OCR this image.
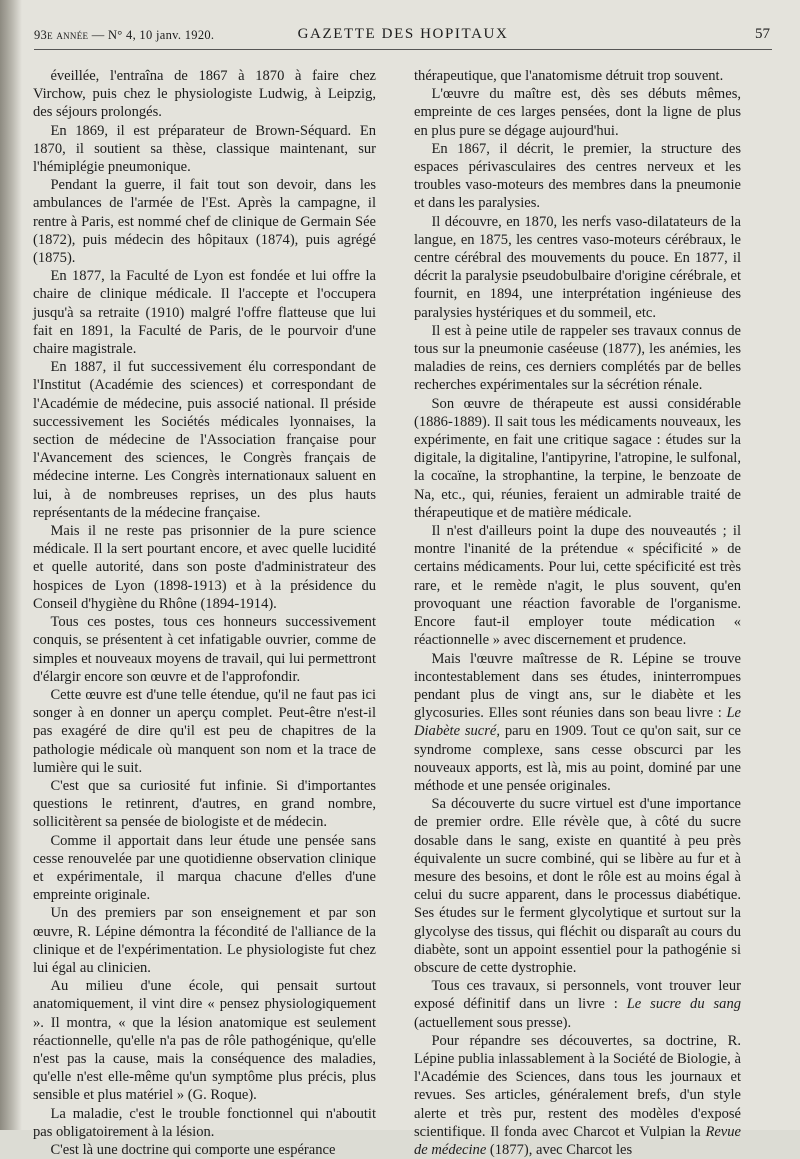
93e année — N° 4, 10 janv. 1920.	GAZETTE DES HOPITAUX	57

éveillée, l'entraîna de 1867 à 1870 à faire chez Virchow, puis chez le physiologiste Ludwig, à Leipzig, des séjours prolongés.

En 1869, il est préparateur de Brown-Séquard. En 1870, il soutient sa thèse, classique maintenant, sur l'hémiplégie pneumonique.

Pendant la guerre, il fait tout son devoir, dans les ambulances de l'armée de l'Est. Après la campagne, il rentre à Paris, est nommé chef de clinique de Germain Sée (1872), puis médecin des hôpitaux (1874), puis agrégé (1875).

En 1877, la Faculté de Lyon est fondée et lui offre la chaire de clinique médicale. Il l'accepte et l'occupera jusqu'à sa retraite (1910) malgré l'offre flatteuse que lui fait en 1891, la Faculté de Paris, de le pourvoir d'une chaire magistrale.

En 1887, il fut successivement élu correspondant de l'Institut (Académie des sciences) et correspondant de l'Académie de médecine, puis associé national. Il préside successivement les Sociétés médicales lyonnaises, la section de médecine de l'Association française pour l'Avancement des sciences, le Congrès français de médecine interne. Les Congrès internationaux saluent en lui, à de nombreuses reprises, un des plus hauts représentants de la médecine française.

Mais il ne reste pas prisonnier de la pure science médicale. Il la sert pourtant encore, et avec quelle lucidité et quelle autorité, dans son poste d'administrateur des hospices de Lyon (1898-1913) et à la présidence du Conseil d'hygiène du Rhône (1894-1914).

Tous ces postes, tous ces honneurs successivement conquis, se présentent à cet infatigable ouvrier, comme de simples et nouveaux moyens de travail, qui lui permettront d'élargir encore son œuvre et de l'approfondir.

Cette œuvre est d'une telle étendue, qu'il ne faut pas ici songer à en donner un aperçu complet. Peut-être n'est-il pas exagéré de dire qu'il est peu de chapitres de la pathologie médicale où manquent son nom et la trace de lumière qui le suit.

C'est que sa curiosité fut infinie. Si d'importantes questions le retinrent, d'autres, en grand nombre, sollicitèrent sa pensée de biologiste et de médecin.

Comme il apportait dans leur étude une pensée sans cesse renouvelée par une quotidienne observation clinique et expérimentale, il marqua chacune d'elles d'une empreinte originale.

Un des premiers par son enseignement et par son œuvre, R. Lépine démontra la fécondité de l'alliance de la clinique et de l'expérimentation. Le physiologiste fut chez lui égal au clinicien.

Au milieu d'une école, qui pensait surtout anatomiquement, il vint dire « pensez physiologiquement ». Il montra, « que la lésion anatomique est seulement réactionnelle, qu'elle n'a pas de rôle pathogénique, qu'elle n'est pas la cause, mais la conséquence des maladies, qu'elle n'est elle-même qu'un symptôme plus précis, plus sensible et plus matériel » (G. Roque).

La maladie, c'est le trouble fonctionnel qui n'aboutit pas obligatoirement à la lésion.

C'est là une doctrine qui comporte une espérance

thérapeutique, que l'anatomisme détruit trop souvent.

L'œuvre du maître est, dès ses débuts mêmes, empreinte de ces larges pensées, dont la ligne de plus en plus pure se dégage aujourd'hui.

En 1867, il décrit, le premier, la structure des espaces périvasculaires des centres nerveux et les troubles vaso-moteurs des membres dans la pneumonie et dans les paralysies.

Il découvre, en 1870, les nerfs vaso-dilatateurs de la langue, en 1875, les centres vaso-moteurs cérébraux, le centre cérébral des mouvements du pouce. En 1877, il décrit la paralysie pseudobulbaire d'origine cérébrale, et fournit, en 1894, une interprétation ingénieuse des paralysies hystériques et du sommeil, etc.

Il est à peine utile de rappeler ses travaux connus de tous sur la pneumonie caséeuse (1877), les anémies, les maladies de reins, ces derniers complétés par de belles recherches expérimentales sur la sécrétion rénale.

Son œuvre de thérapeute est aussi considérable (1886-1889). Il sait tous les médicaments nouveaux, les expérimente, en fait une critique sagace : études sur la digitale, la digitaline, l'antipyrine, l'atropine, le sulfonal, la cocaïne, la strophantine, la terpine, le benzoate de Na, etc., qui, réunies, feraient un admirable traité de thérapeutique et de matière médicale.

Il n'est d'ailleurs point la dupe des nouveautés ; il montre l'inanité de la prétendue « spécificité » de certains médicaments. Pour lui, cette spécificité est très rare, et le remède n'agit, le plus souvent, qu'en provoquant une réaction favorable de l'organisme. Encore faut-il employer toute médication « réactionnelle » avec discernement et prudence.

Mais l'œuvre maîtresse de R. Lépine se trouve incontestablement dans ses études, ininterrompues pendant plus de vingt ans, sur le diabète et les glycosuries. Elles sont réunies dans son beau livre : Le Diabète sucré, paru en 1909. Tout ce qu'on sait, sur ce syndrome complexe, sans cesse obscurci par les nouveaux apports, est là, mis au point, dominé par une méthode et une pensée originales.

Sa découverte du sucre virtuel est d'une importance de premier ordre. Elle révèle que, à côté du sucre dosable dans le sang, existe en quantité à peu près équivalente un sucre combiné, qui se libère au fur et à mesure des besoins, et dont le rôle est au moins égal à celui du sucre apparent, dans le processus diabétique. Ses études sur le ferment glycolytique et surtout sur la glycolyse des tissus, qui fléchit ou disparaît au cours du diabète, sont un appoint essentiel pour la pathogénie si obscure de cette dystrophie.

Tous ces travaux, si personnels, vont trouver leur exposé définitif dans un livre : Le sucre du sang (actuellement sous presse).

Pour répandre ses découvertes, sa doctrine, R. Lépine publia inlassablement à la Société de Biologie, à l'Académie des Sciences, dans tous les journaux et revues. Ses articles, généralement brefs, d'un style alerte et très pur, restent des modèles d'exposé scientifique. Il fonda avec Charcot et Vulpian la Revue de médecine (1877), avec Charcot les
